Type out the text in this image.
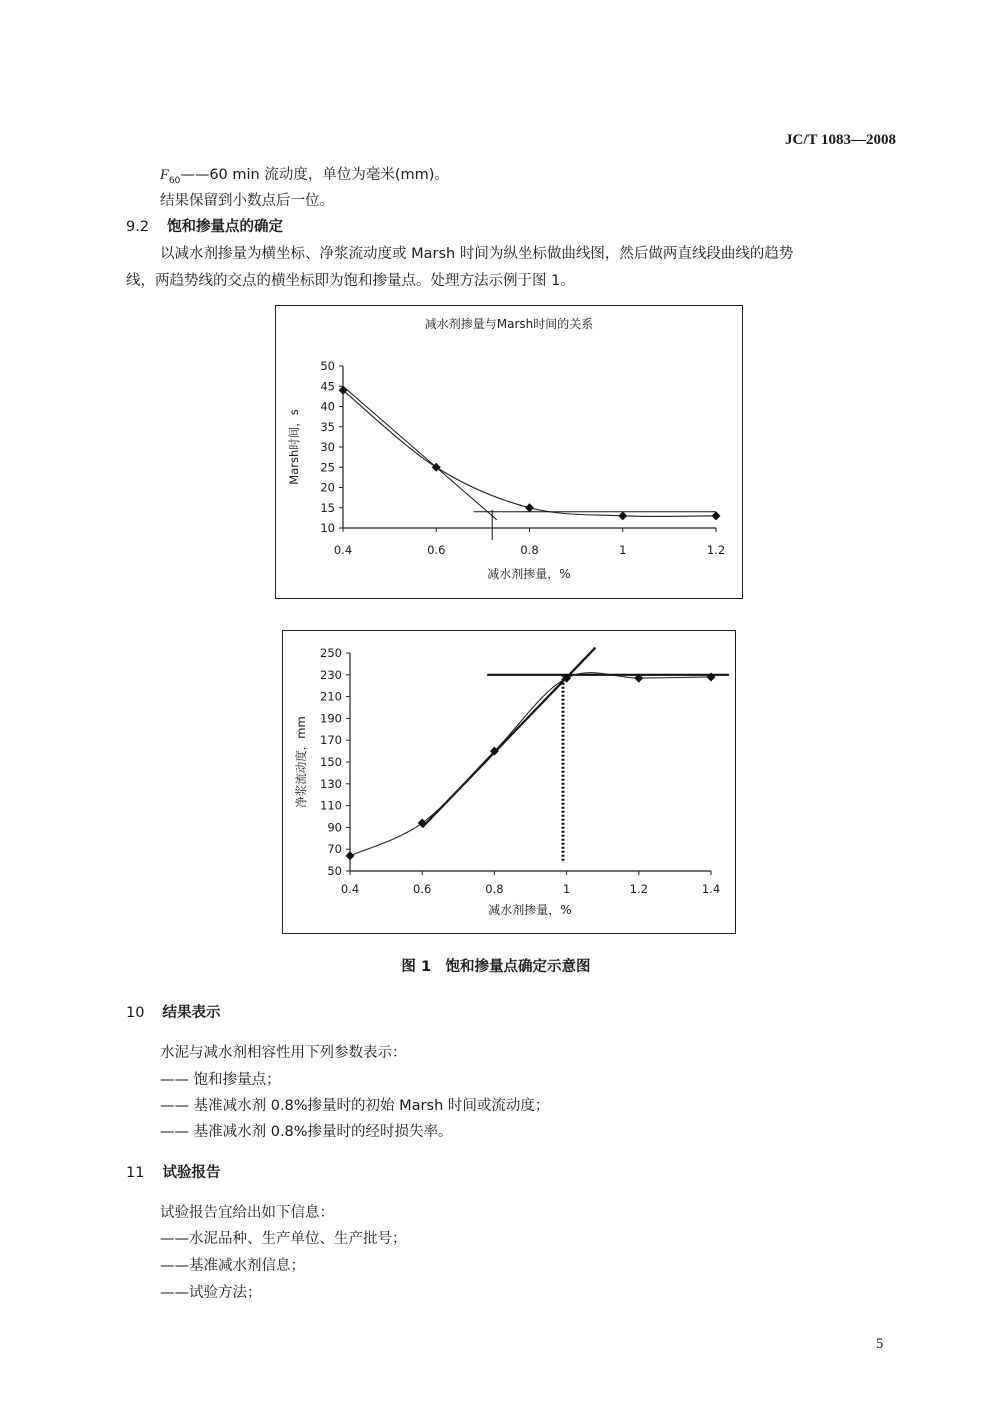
JC/T 1083—2008
$F_{60}——60$ min 流动度，单位为毫米(mm)。
结果保留到小数点后一位。
9.2 饱和掺量点的确定
以减水剂掺量为横坐标、净浆流动度或 Marsh 时间为纵坐标做曲线图，然后做两直线段曲线的趋势
线，两趋势线的交点的横坐标即为饱和掺量点。处理方法示例于图 1。
减水剂掺量与Marsh时间的关系
50
45
40
35
30
25
20
15
10
0.4	0.6	0.8	1	1.2
减水剂掺量，%
Marsh时间，s
250
230
210
190
170
150
130
110
90
70
50
0.4	0.6	0.8	1	1.2	1.4
减水剂掺量，%
净浆流动度，mm
图 1　饱和掺量点确定示意图
10 结果表示
水泥与减水剂相容性用下列参数表示：
—— 饱和掺量点；
—— 基准减水剂 0.8%掺量时的初始 Marsh 时间或流动度；
—— 基准减水剂 0.8%掺量时的经时损失率。
11 试验报告
试验报告宜给出如下信息：
——水泥品种、生产单位、生产批号；
——基准减水剂信息；
——试验方法；
5
